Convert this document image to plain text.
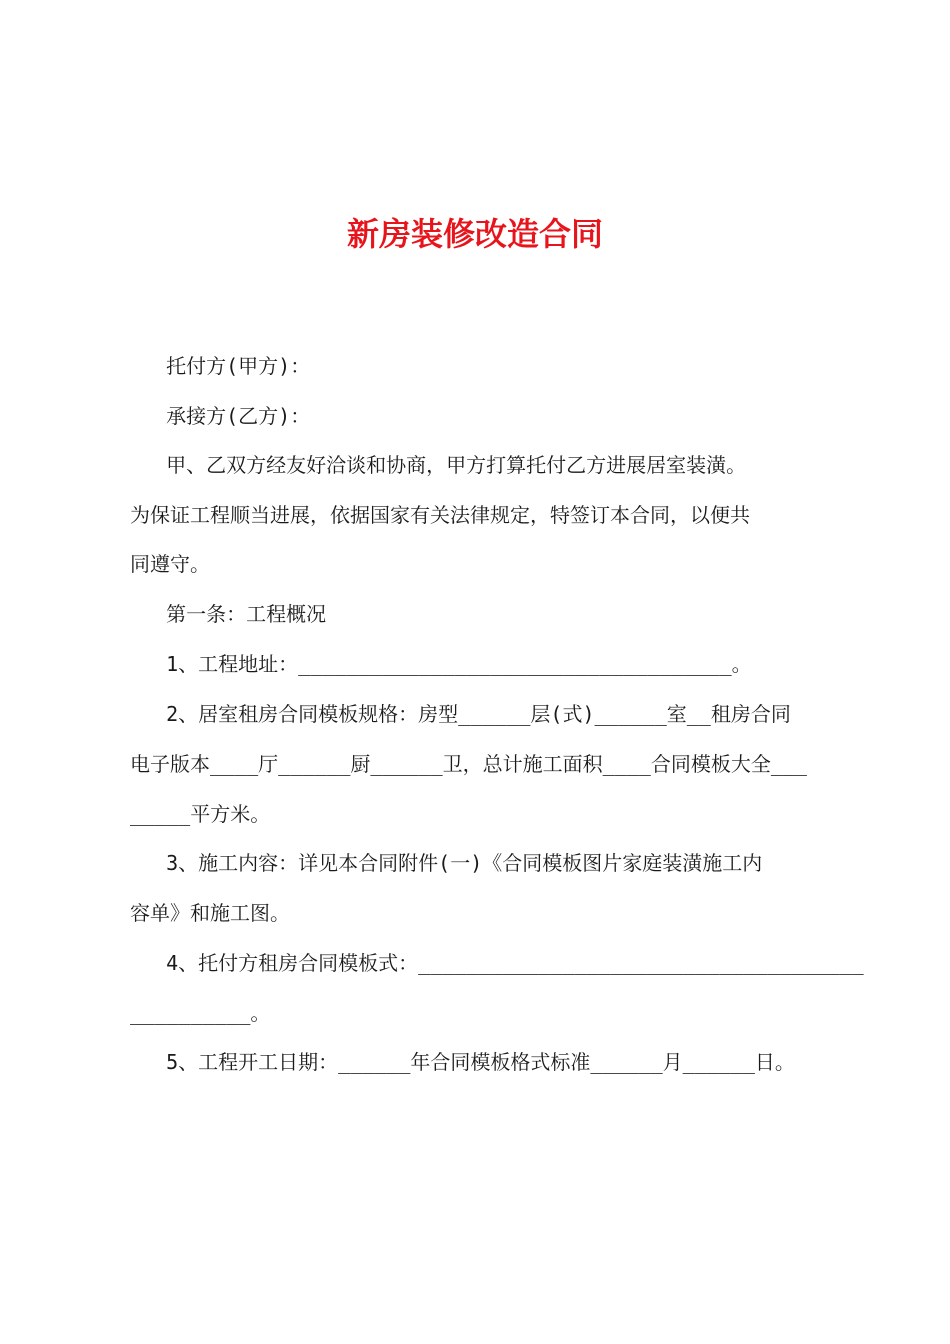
新房装修改造合同

托付方(甲方)：

承接方(乙方)：

甲、乙双方经友好洽谈和协商，甲方打算托付乙方进展居室装潢。

为保证工程顺当进展，依据国家有关法律规定，特签订本合同，以便共

同遵守。

第一条：工程概况

1、工程地址：____________________________________。

2、居室租房合同模板规格：房型______层(式)______室__租房合同

电子版本____厅______厨______卫，总计施工面积____合同模板大全___

_____平方米。

3、施工内容：详见本合同附件(一)《合同模板图片家庭装潢施工内

容单》和施工图。

4、托付方租房合同模板式：_____________________________________

__________。

5、工程开工日期：______年合同模板格式标准______月______日。
